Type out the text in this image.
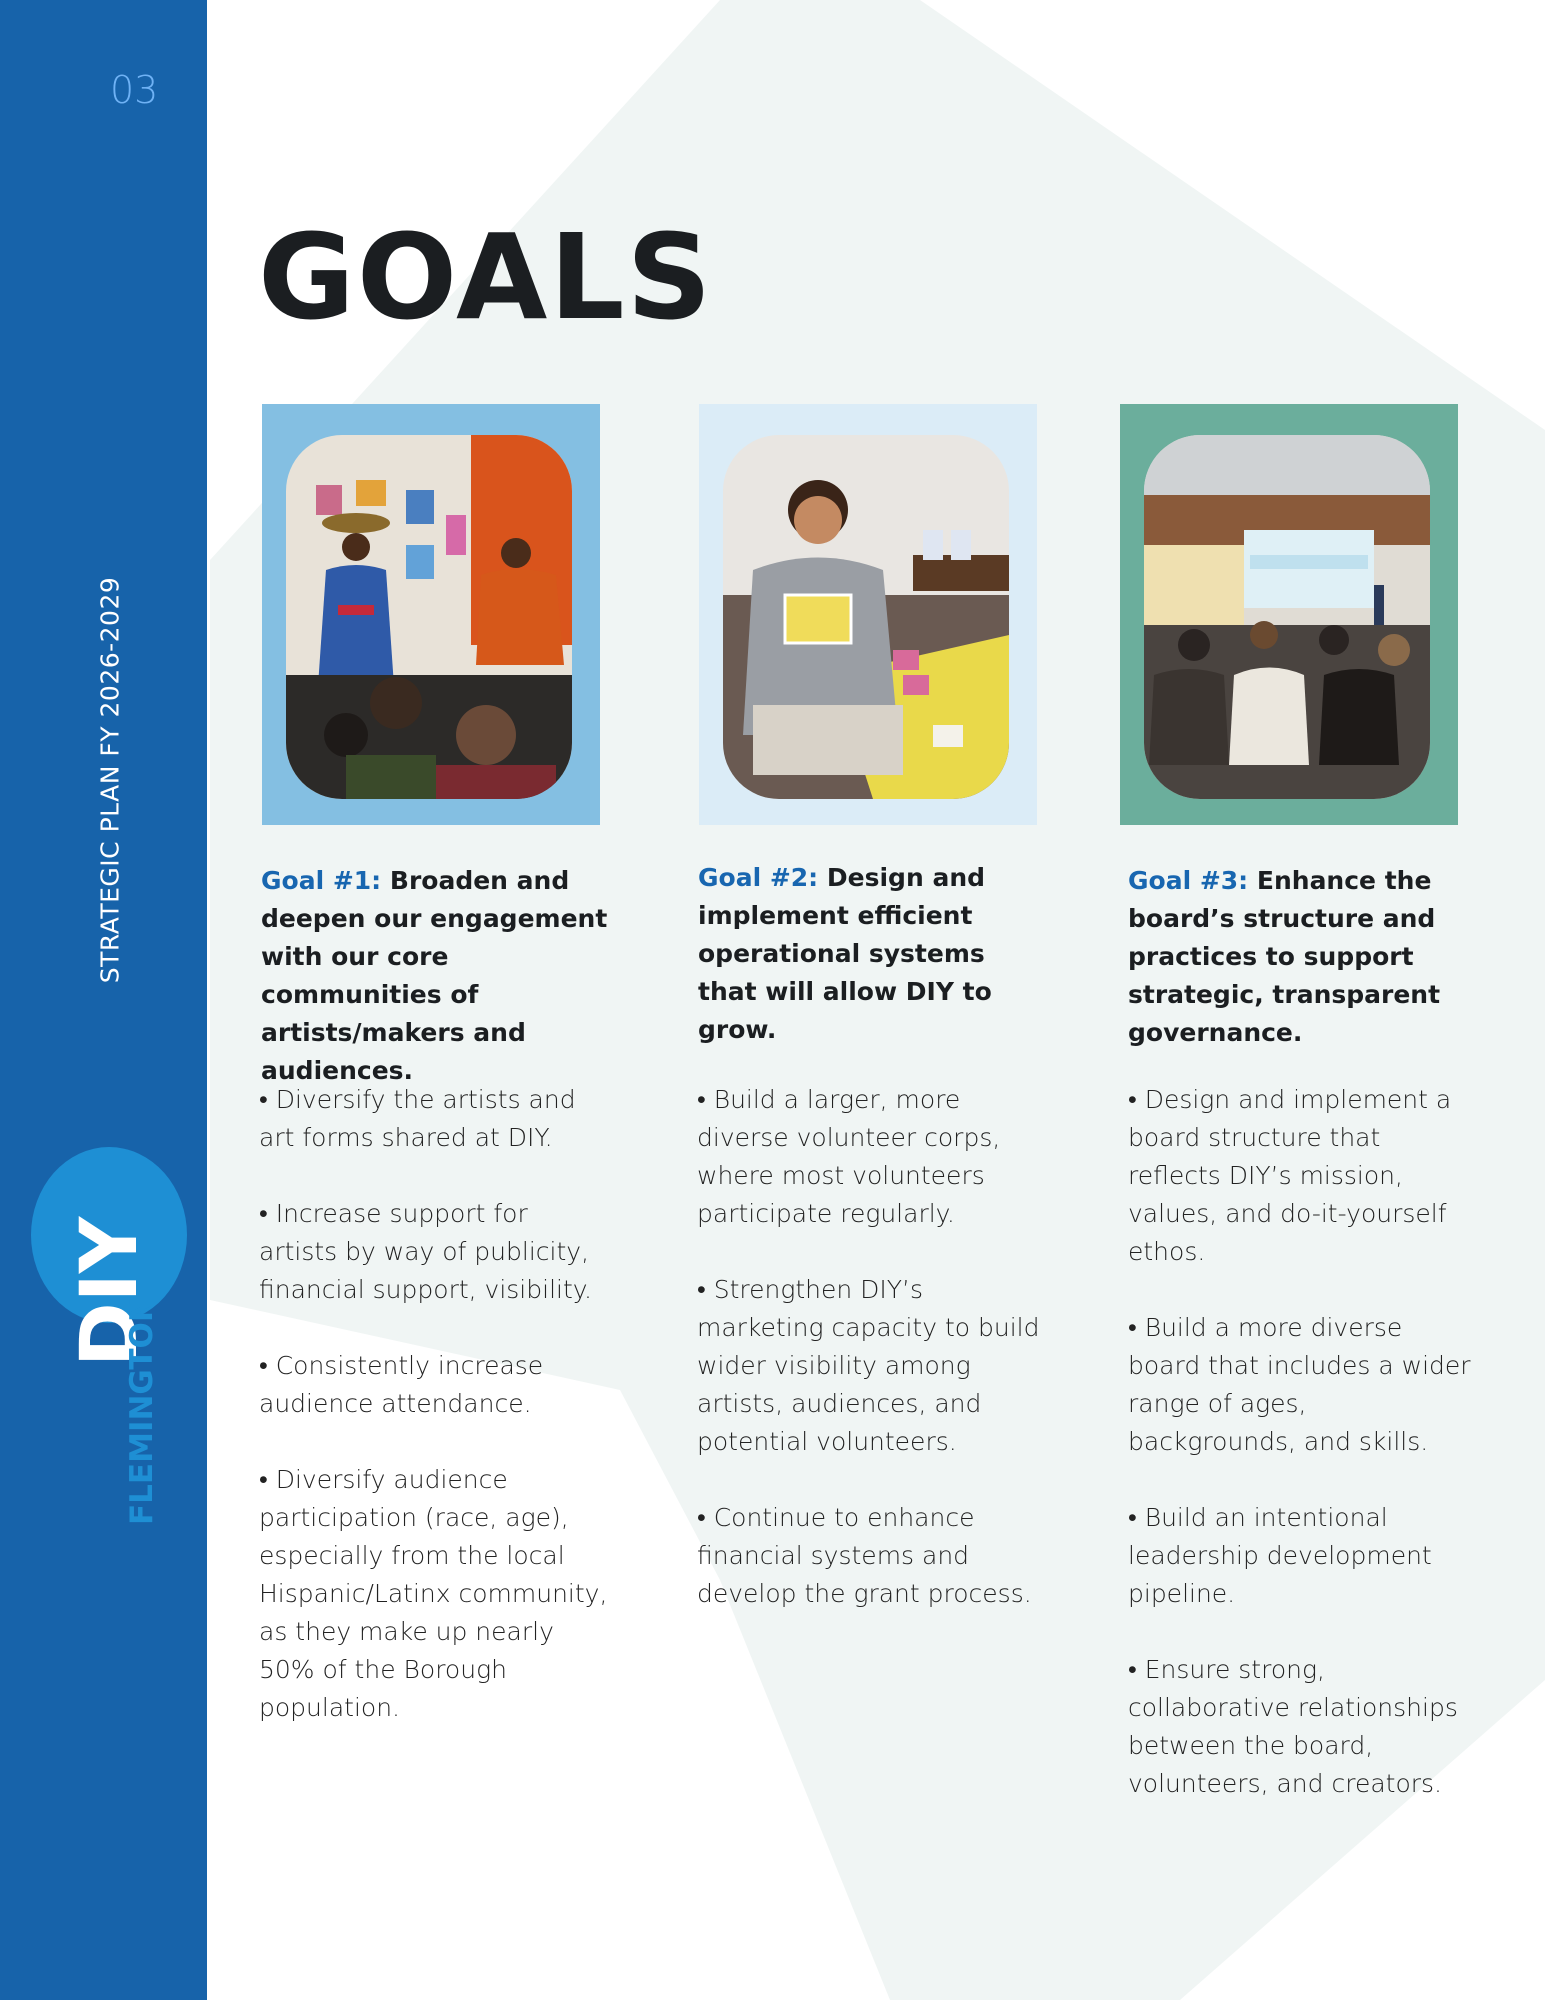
03
STRATEGIC PLAN FY 2026-2029
DIY
FLEMINGTON
GOALS

Goal #1: Broaden and deepen our engagement with our core communities of artists/makers and audiences.

• Diversify the artists and art forms shared at DIY.
• Increase support for artists by way of publicity, financial support, visibility.
• Consistently increase audience attendance.
• Diversify audience participation (race, age), especially from the local Hispanic/Latinx community, as they make up nearly 50% of the Borough population.

Goal #2: Design and implement efficient operational systems that will allow DIY to grow.

• Build a larger, more diverse volunteer corps, where most volunteers participate regularly.
• Strengthen DIY’s marketing capacity to build wider visibility among artists, audiences, and potential volunteers.
• Continue to enhance financial systems and develop the grant process.

Goal #3: Enhance the board’s structure and practices to support strategic, transparent governance.

• Design and implement a board structure that reflects DIY’s mission, values, and do-it-yourself ethos.
• Build a more diverse board that includes a wider range of ages, backgrounds, and skills.
• Build an intentional leadership development pipeline.
• Ensure strong, collaborative relationships between the board, volunteers, and creators.
